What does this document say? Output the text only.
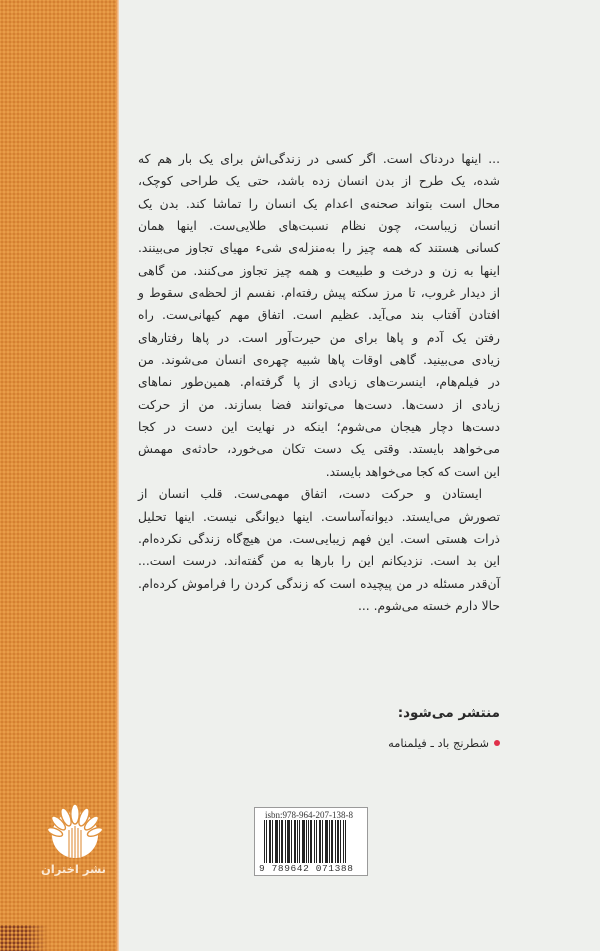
نشر اختران

... اینها دردناک است. اگر کسی در زندگی‌اش برای یک بار هم که
شده، یک طرح از بدن انسان زده باشد، حتی یک طراحی کوچک،
محال است بتواند صحنه‌ی اعدام یک انسان را تماشا کند. بدن یک
انسان زیباست، چون نظام نسبت‌های طلایی‌ست. اینها همان
کسانی هستند که همه چیز را به‌منزله‌ی شیء مهیای تجاوز می‌بینند.
اینها به زن و درخت و طبیعت و همه چیز تجاوز می‌کنند. من گاهی
از دیدار غروب، تا مرز سکته پیش رفته‌ام. نفسم از لحظه‌ی سقوط و
افتادن آفتاب بند می‌آید. عظیم است. اتفاق مهم کیهانی‌ست. راه
رفتن یک آدم و پاها برای من حیرت‌آور است. در پاها رفتارهای
زیادی می‌بینید. گاهی اوقات پاها شبیه چهره‌ی انسان می‌شوند. من
در فیلم‌هام، اینسرت‌های زیادی از پا گرفته‌ام. همین‌طور نماهای
زیادی از دست‌ها. دست‌ها می‌توانند فضا بسازند. من از حرکت
دست‌ها دچار هیجان می‌شوم؛ اینکه در نهایت این دست در کجا
می‌خواهد بایستد. وقتی یک دست تکان می‌خورد، حادثه‌ی مهمش
این است که کجا می‌خواهد بایستد.

ایستادن و حرکت دست، اتفاق مهمی‌ست. قلب انسان از
تصورش می‌ایستد. دیوانه‌آساست. اینها دیوانگی نیست. اینها تحلیل
ذرات هستی است. این فهم زیبایی‌ست. من هیچ‌گاه زندگی نکرده‌ام.
این بد است. نزدیکانم این را بارها به من گفته‌اند. درست است...
آن‌قدر مسئله در من پیچیده است که زندگی کردن را فراموش کرده‌ام.
حالا دارم خسته می‌شوم. ...

منتشر می‌شود:
شطرنج باد ـ فیلمنامه
isbn:978-964-207-138-8
9 789642 071388
